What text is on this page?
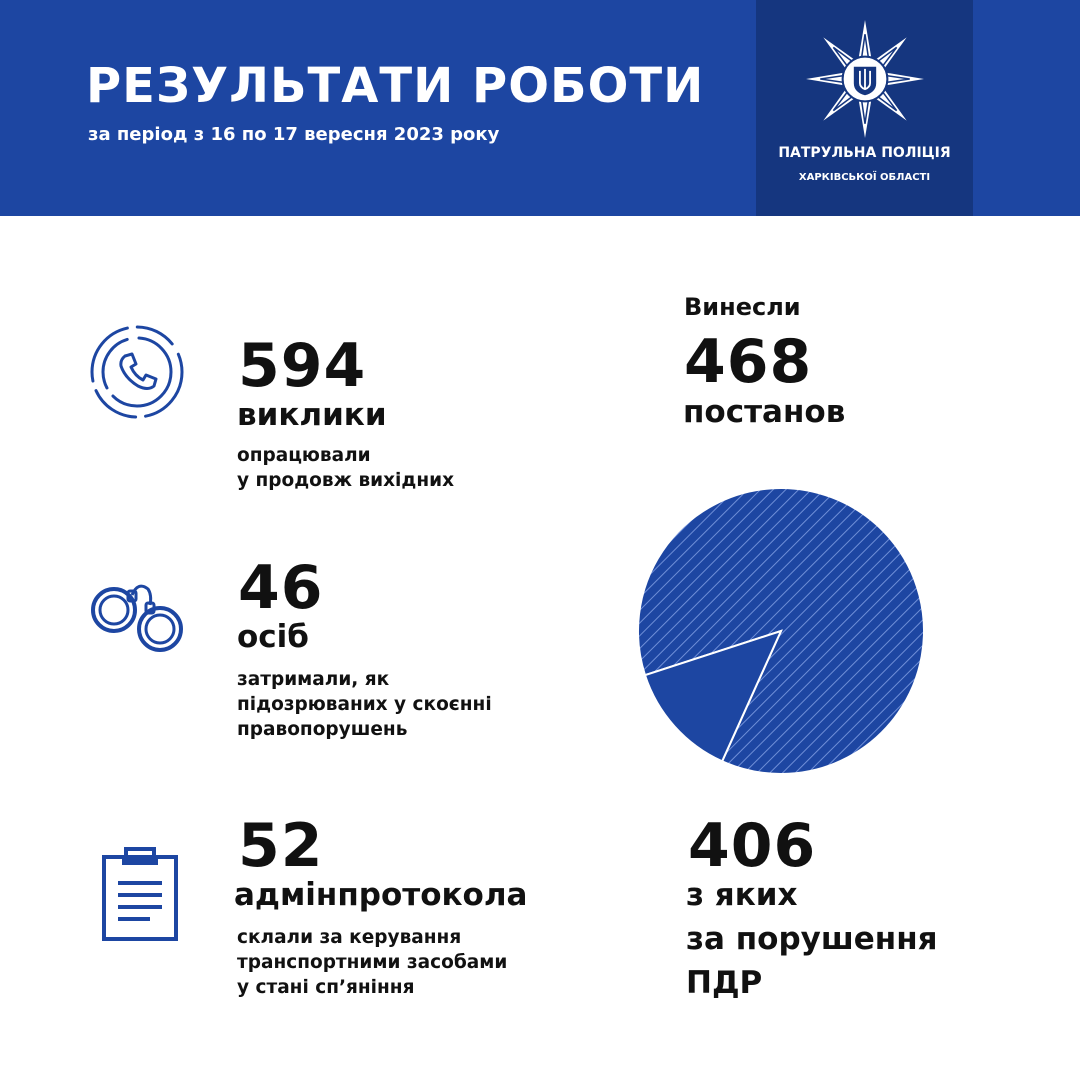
РЕЗУЛЬТАТИ РОБОТИ
за період з 16 по 17 вересня 2023 року
ПАТРУЛЬНА ПОЛІЦІЯ
ХАРКІВСЬКОЇ ОБЛАСТІ
594
виклики
опрацювали
у продовж вихідних
46
осіб
затримали, як
підозрюваних у скоєнні
правопорушень
52
адмінпротокола
склали за керування
транспортними засобами
у стані сп’яніння
Винесли
468
постанов
406
з яких
за порушення
ПДР
